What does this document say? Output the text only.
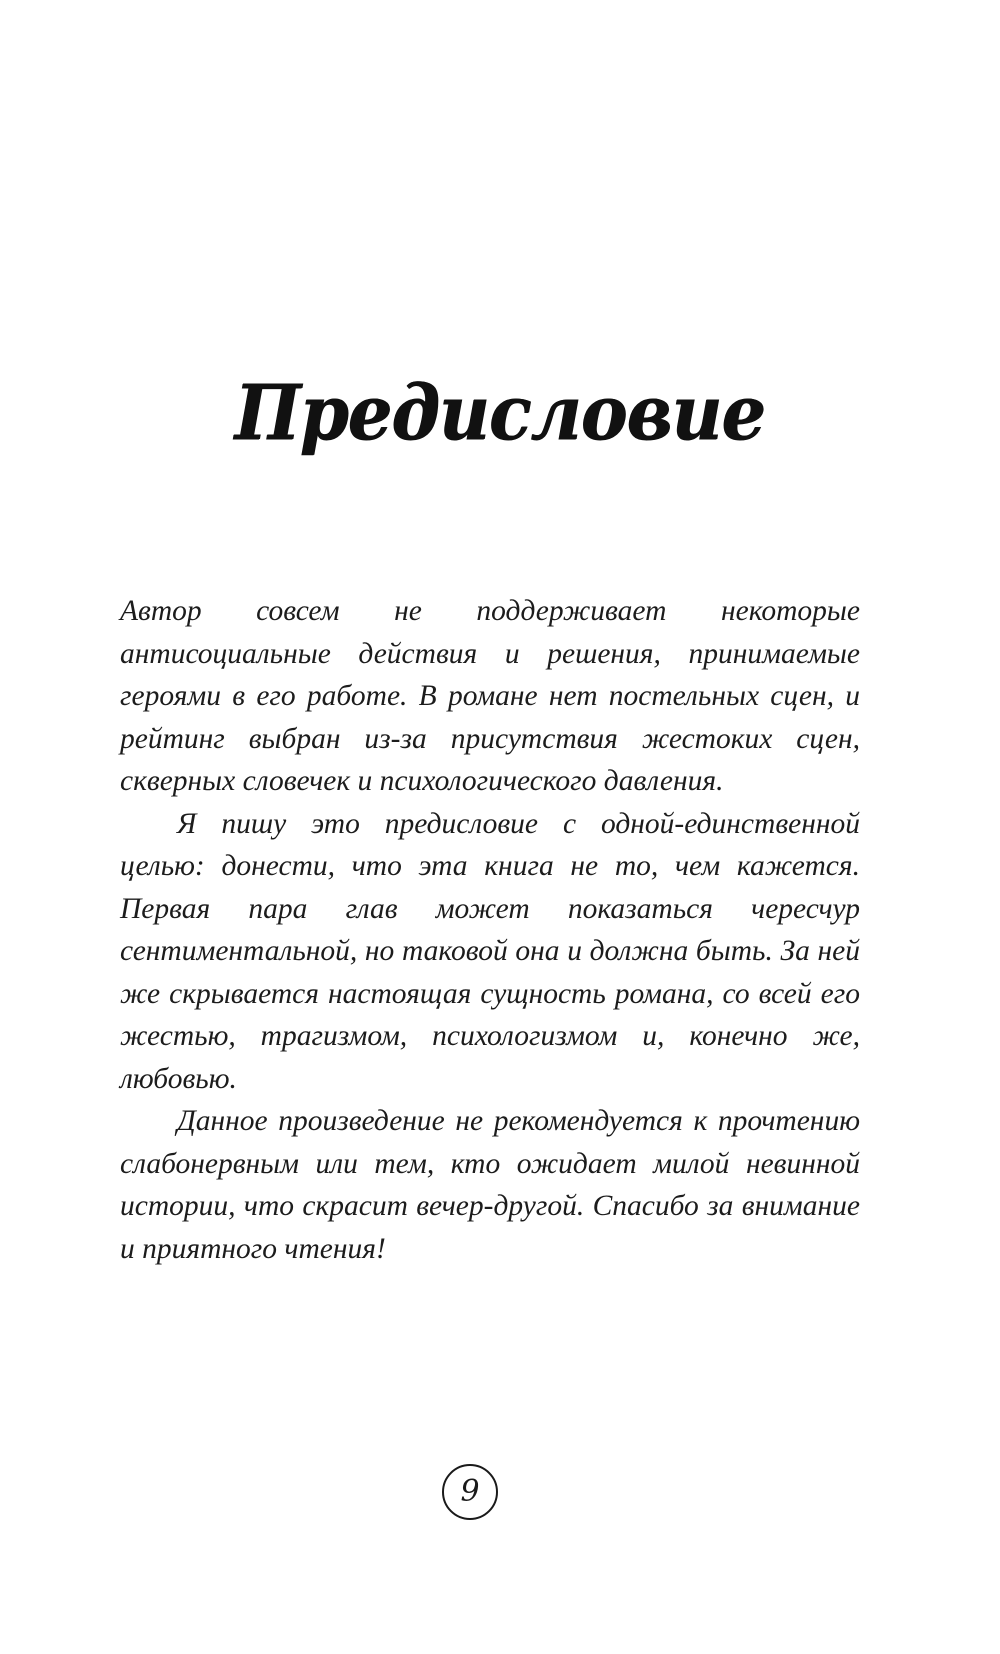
Предисловие

Автор совсем не поддерживает некоторые антисоциальные действия и решения, принимаемые героями в его работе. В романе нет постельных сцен, и рейтинг выбран из-за присутствия жестоких сцен, скверных словечек и психологического давления.

Я пишу это предисловие с одной-единственной целью: донести, что эта книга не то, чем кажется. Первая пара глав может показаться чересчур сентиментальной, но таковой она и должна быть. За ней же скрывается настоящая сущность романа, со всей его жестью, трагизмом, психологизмом и, конечно же, любовью.

Данное произведение не рекомендуется к прочтению слабонервным или тем, кто ожидает милой невинной истории, что скрасит вечер-другой. Спасибо за внимание и приятного чтения!

9
